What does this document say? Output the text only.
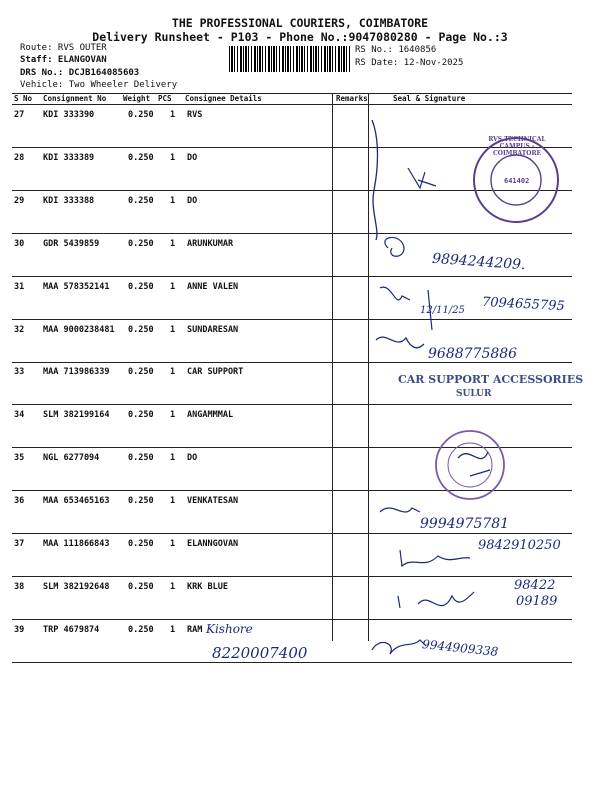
THE PROFESSIONAL COURIERS, COIMBATORE
Delivery Runsheet - P103 - Phone No.:9047080280 - Page No.:3
Route: RVS OUTER
Staff: ELANGOVAN
DRS No.: DCJB164085603
Vehicle: Two Wheeler Delivery
RS No.: 1640856
RS Date: 12-Nov-2025
S No Consignment No Weight PCS Consignee Details	Remarks	Seal & Signature
27 KDI 333390	0.250 1 RVS
28 KDI 333389	0.250 1 DO
29 KDI 333388	0.250 1 DO
30 GDR 5439859	0.250 1 ARUNKUMAR
31 MAA 578352141 0.250 1 ANNE VALEN
32 MAA 9000238481 0.250 1 SUNDARESAN
33 MAA 713986339 0.250 1 CAR SUPPORT
34 SLM 382199164 0.250 1 ANGAMMMAL
35 NGL 6277094	0.250 1 DO
36 MAA 653465163 0.250 1 VENKATESAN
37 MAA 111866843 0.250 1 ELANNGOVAN
38 SLM 382192648 0.250 1 KRK BLUE
39 TRP 4679874	0.250 1 RAM
RVS TECHNICAL CAMPUS - COIMBATORE
641402
CAR SUPPORT ACCESSORIES
SULUR
9894244209.
12/11/25 7094655795
9688775886
9994975781
9842910250
98422
09189
9944909338
Kishore
8220007400
